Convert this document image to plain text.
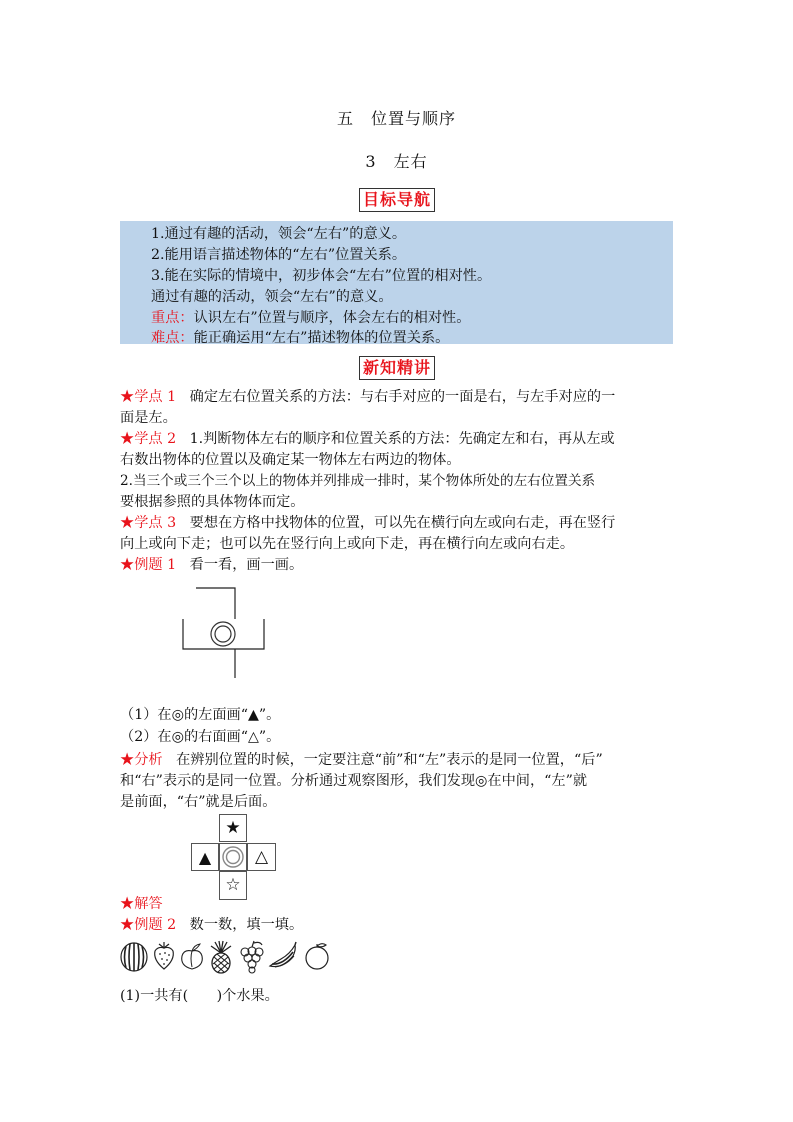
五　位置与顺序
3　左右
目标导航
1.通过有趣的活动，领会“左右”的意义。
2.能用语言描述物体的“左右”位置关系。
3.能在实际的情境中，初步体会“左右”位置的相对性。
通过有趣的活动，领会“左右”的意义。
重点：认识左右”位置与顺序，体会左右的相对性。
难点：能正确运用“左右”描述物体的位置关系。
新知精讲
★学点 1 确定左右位置关系的方法：与右手对应的一面是右，与左手对应的一
面是左。
★学点 2 1.判断物体左右的顺序和位置关系的方法：先确定左和右，再从左或
右数出物体的位置以及确定某一物体左右两边的物体。
2.当三个或三个三个以上的物体并列排成一排时，某个物体所处的左右位置关系
要根据参照的具体物体而定。
★学点 3 要想在方格中找物体的位置，可以先在横行向左或向右走，再在竖行
向上或向下走；也可以先在竖行向上或向下走，再在横行向左或向右走。
★例题 1 看一看，画一画。
（1）在◎的左面画“▲”。
（2）在◎的右面画“△”。
★分析 在辨别位置的时候，一定要注意“前”和“左”表示的是同一位置，“后”
和“右”表示的是同一位置。分析通过观察图形，我们发现◎在中间，“左”就
是前面，“右”就是后面。
★
▲	△
☆
★解答
★例题 2 数一数，填一填。
(1)一共有(　　)个水果。
